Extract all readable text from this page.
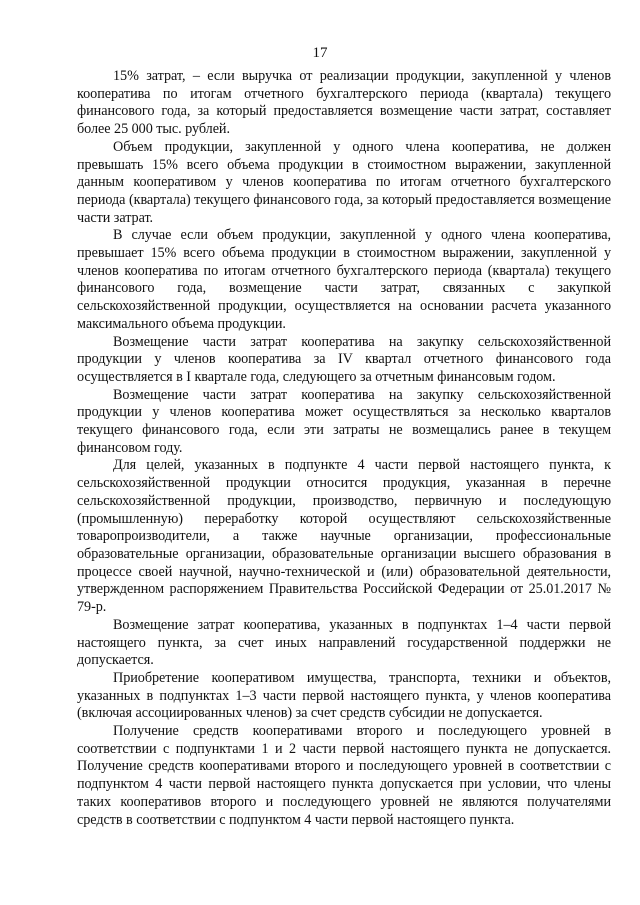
17

15% затрат, – если выручка от реализации продукции, закупленной у членов кооператива по итогам отчетного бухгалтерского периода (квартала) текущего финансового года, за который предоставляется возмещение части затрат, составляет более 25 000 тыс. рублей.

Объем продукции, закупленной у одного члена кооператива, не должен превышать 15% всего объема продукции в стоимостном выражении, закупленной данным кооперативом у членов кооператива по итогам отчетного бухгалтерского периода (квартала) текущего финансового года, за который предоставляется возмещение части затрат.

В случае если объем продукции, закупленной у одного члена кооператива, превышает 15% всего объема продукции в стоимостном выражении, закупленной у членов кооператива по итогам отчетного бухгалтерского периода (квартала) текущего финансового года, возмещение части затрат, связанных с закупкой сельскохозяйственной продукции, осуществляется на основании расчета указанного максимального объема продукции.

Возмещение части затрат кооператива на закупку сельскохозяйственной продукции у членов кооператива за IV квартал отчетного финансового года осуществляется в I квартале года, следующего за отчетным финансовым годом.

Возмещение части затрат кооператива на закупку сельскохозяйственной продукции у членов кооператива может осуществляться за несколько кварталов текущего финансового года, если эти затраты не возмещались ранее в текущем финансовом году.

Для целей, указанных в подпункте 4 части первой настоящего пункта, к сельскохозяйственной продукции относится продукция, указанная в перечне сельскохозяйственной продукции, производство, первичную и последующую (промышленную) переработку которой осуществляют сельскохозяйственные товаропроизводители, а также научные организации, профессиональные образовательные организации, образовательные организации высшего образования в процессе своей научной, научно-технической и (или) образовательной деятельности, утвержденном распоряжением Правительства Российской Федерации от 25.01.2017 № 79-р.

Возмещение затрат кооператива, указанных в подпунктах 1–4 части первой настоящего пункта, за счет иных направлений государственной поддержки не допускается.

Приобретение кооперативом имущества, транспорта, техники и объектов, указанных в подпунктах 1–3 части первой настоящего пункта, у членов кооператива (включая ассоциированных членов) за счет средств субсидии не допускается.

Получение средств кооперативами второго и последующего уровней в соответствии с подпунктами 1 и 2 части первой настоящего пункта не допускается. Получение средств кооперативами второго и последующего уровней в соответствии с подпунктом 4 части первой настоящего пункта допускается при условии, что члены таких кооперативов второго и последующего уровней не являются получателями средств в соответствии с подпунктом 4 части первой настоящего пункта.
